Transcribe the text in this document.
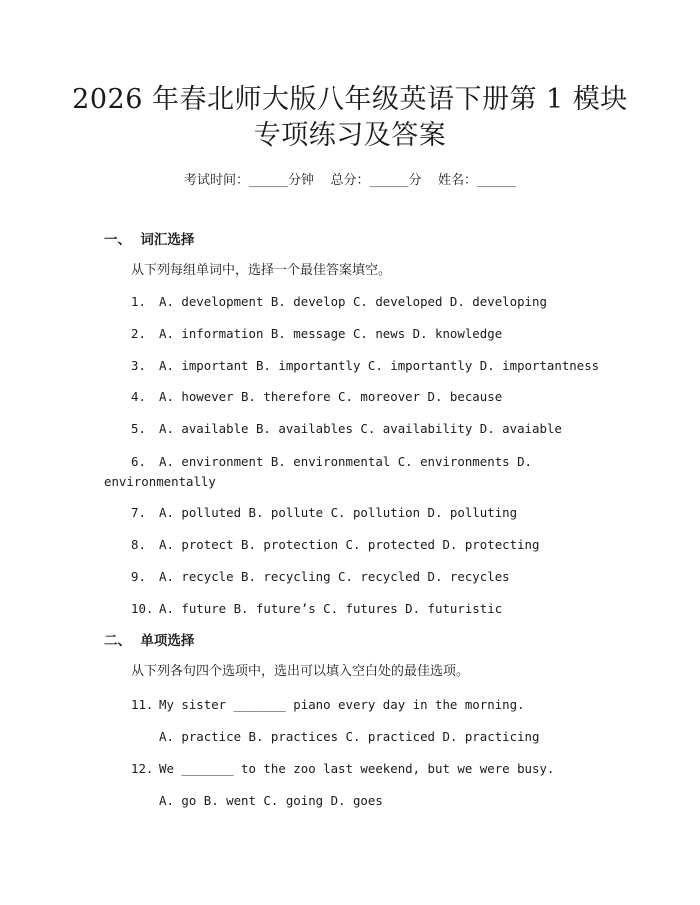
2026 年春北师大版八年级英语下册第 1 模块
专项练习及答案
考试时间：______分钟    总分：______分    姓名：______
一、  词汇选择
从下列每组单词中，选择一个最佳答案填空。
1. A. development B. develop C. developed D. developing
2. A. information B. message C. news D. knowledge
3. A. important B. importantly C. importantly D. importantness
4. A. however B. therefore C. moreover D. because
5. A. available B. availables C. availability D. avaiable
6. A. environment B. environmental C. environments D.
environmentally
7. A. polluted B. pollute C. pollution D. polluting
8. A. protect B. protection C. protected D. protecting
9. A. recycle B. recycling C. recycled D. recycles
10. A. future B. future’s C. futures D. futuristic
二、  单项选择
从下列各句四个选项中，选出可以填入空白处的最佳选项。
11. My sister _______ piano every day in the morning.
A. practice B. practices C. practiced D. practicing
12. We _______ to the zoo last weekend, but we were busy.
A. go B. went C. going D. goes
